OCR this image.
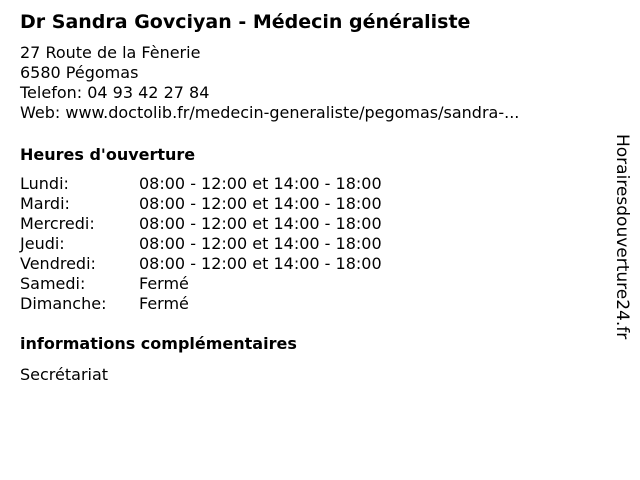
Dr Sandra Govciyan - Médecin généraliste
27 Route de la Fènerie
6580 Pégomas
Telefon: 04 93 42 27 84
Web: www.doctolib.fr/medecin-generaliste/pegomas/sandra-...
Heures d'ouverture
Lundi:	08:00 - 12:00 et 14:00 - 18:00
Mardi:	08:00 - 12:00 et 14:00 - 18:00
Mercredi:	08:00 - 12:00 et 14:00 - 18:00
Jeudi:	08:00 - 12:00 et 14:00 - 18:00
Vendredi:	08:00 - 12:00 et 14:00 - 18:00
Samedi:	Fermé
Dimanche: Fermé
informations complémentaires
Secrétariat
Horairesdouverture24.fr
